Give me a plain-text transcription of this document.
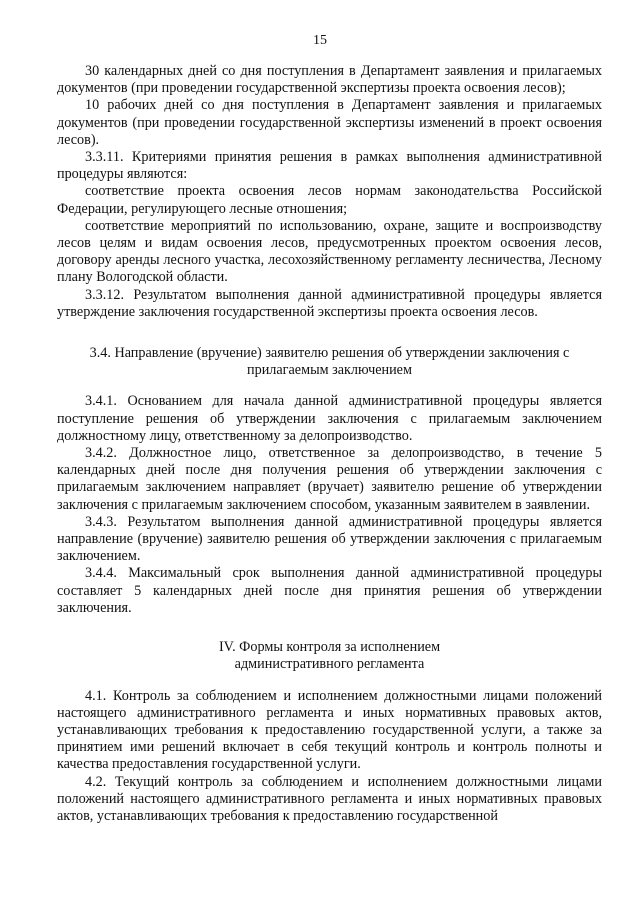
15

30 календарных дней со дня поступления в Департамент заявления и прилагаемых документов (при проведении государственной экспертизы проекта освоения лесов);

10 рабочих дней со дня поступления в Департамент заявления и прилагаемых документов (при проведении государственной экспертизы изменений в проект освоения лесов).

3.3.11. Критериями принятия решения в рамках выполнения административной процедуры являются:

соответствие проекта освоения лесов нормам законодательства Российской Федерации, регулирующего лесные отношения;

соответствие мероприятий по использованию, охране, защите и воспроизводству лесов целям и видам освоения лесов, предусмотренных проектом освоения лесов, договору аренды лесного участка, лесохозяйственному регламенту лесничества, Лесному плану Вологодской области.

3.3.12. Результатом выполнения данной административной процедуры является утверждение заключения государственной экспертизы проекта освоения лесов.

3.4. Направление (вручение) заявителю решения об утверждении заключения с
прилагаемым заключением

3.4.1. Основанием для начала данной административной процедуры является поступление решения об утверждении заключения с прилагаемым заключением должностному лицу, ответственному за делопроизводство.

3.4.2. Должностное лицо, ответственное за делопроизводство, в течение 5 календарных дней после дня получения решения об утверждении заключения с прилагаемым заключением направляет (вручает) заявителю решение об утверждении заключения с прилагаемым заключением способом, указанным заявителем в заявлении.

3.4.3. Результатом выполнения данной административной процедуры является направление (вручение) заявителю решения об утверждении заключения с прилагаемым заключением.

3.4.4. Максимальный срок выполнения данной административной процедуры составляет 5 календарных дней после дня принятия решения об утверждении заключения.

IV. Формы контроля за исполнением
административного регламента

4.1. Контроль за соблюдением и исполнением должностными лицами положений настоящего административного регламента и иных нормативных правовых актов, устанавливающих требования к предоставлению государственной услуги, а также за принятием ими решений включает в себя текущий контроль и контроль полноты и качества предоставления государственной услуги.

4.2. Текущий контроль за соблюдением и исполнением должностными лицами положений настоящего административного регламента и иных нормативных правовых актов, устанавливающих требования к предоставлению государственной
